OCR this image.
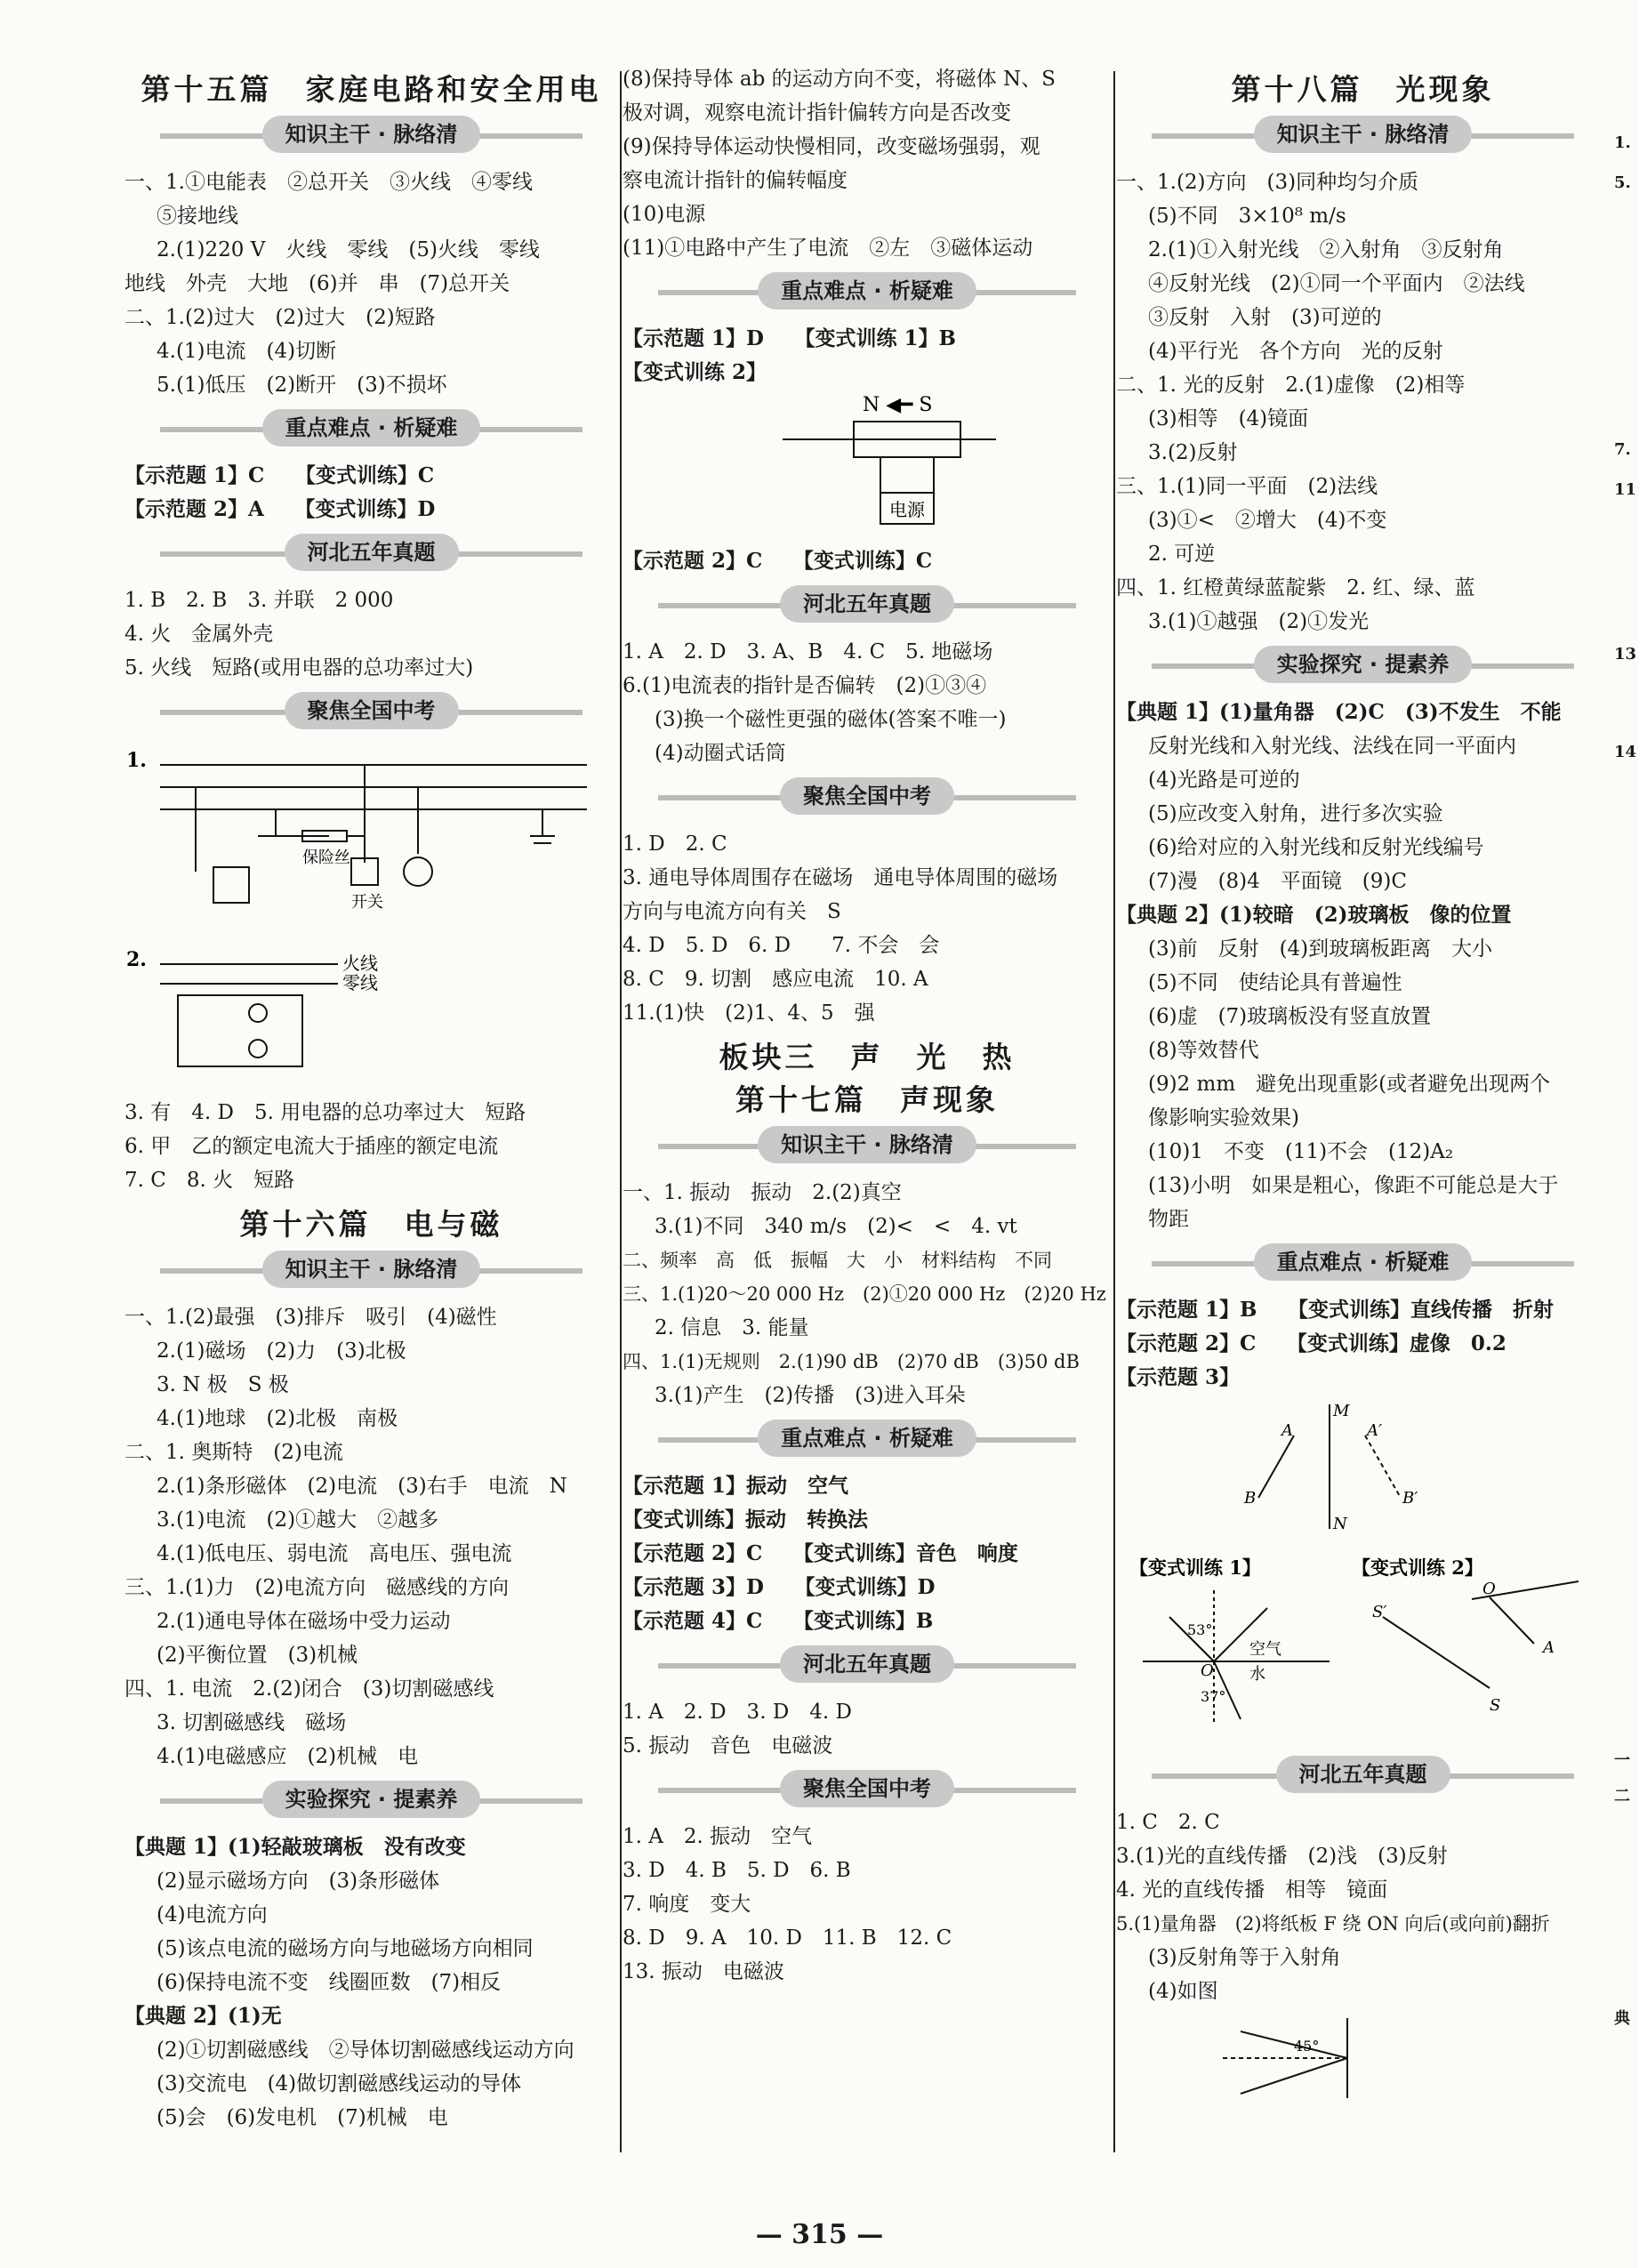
第十五篇　家庭电路和安全用电
知识主干 · 脉络清
一、1.①电能表　②总开关　③火线　④零线
⑤接地线
2.(1)220 V　火线　零线　(5)火线　零线
地线　外壳　大地　(6)并　串　(7)总开关
二、1.(2)过大　(2)过大　(2)短路
4.(1)电流　(4)切断
5.(1)低压　(2)断开　(3)不损坏
重点难点 · 析疑难
【示范题 1】C　　【变式训练】C
【示范题 2】A　　【变式训练】D
河北五年真题
1. B　2. B　3. 并联　2 000
4. 火　金属外壳
5. 火线　短路(或用电器的总功率过大)
聚焦全国中考
1.
保险丝
开关

2.	火线
零线
3. 有　4. D　5. 用电器的总功率过大　短路
6. 甲　乙的额定电流大于插座的额定电流
7. C　8. 火　短路
第十六篇　电与磁
知识主干 · 脉络清
一、1.(2)最强　(3)排斥　吸引　(4)磁性
2.(1)磁场　(2)力　(3)北极
3. N 极　S 极
4.(1)地球　(2)北极　南极
二、1. 奥斯特　(2)电流
2.(1)条形磁体　(2)电流　(3)右手　电流　N
3.(1)电流　(2)①越大　②越多
4.(1)低电压、弱电流　高电压、强电流
三、1.(1)力　(2)电流方向　磁感线的方向
2.(1)通电导体在磁场中受力运动
(2)平衡位置　(3)机械
四、1. 电流　2.(2)闭合　(3)切割磁感线
3. 切割磁感线　磁场
4.(1)电磁感应　(2)机械　电
实验探究 · 提素养
【典题 1】(1)轻敲玻璃板　没有改变
(2)显示磁场方向　(3)条形磁体
(4)电流方向
(5)该点电流的磁场方向与地磁场方向相同
(6)保持电流不变　线圈匝数　(7)相反
【典题 2】(1)无
(2)①切割磁感线　②导体切割磁感线运动方向
(3)交流电　(4)做切割磁感线运动的导体
(5)会　(6)发电机　(7)机械　电
(8)保持导体 ab 的运动方向不变，将磁体 N、S
极对调，观察电流计指针偏转方向是否改变
(9)保持导体运动快慢相同，改变磁场强弱，观
察电流计指针的偏转幅度
(10)电源
(11)①电路中产生了电流　②左　③磁体运动
重点难点 · 析疑难
【示范题 1】D　　【变式训练 1】B
【变式训练 2】
N ◀━ S
电源
【示范题 2】C　　【变式训练】C
河北五年真题
1. A　2. D　3. A、B　4. C　5. 地磁场
6.(1)电流表的指针是否偏转　(2)①③④
(3)换一个磁性更强的磁体(答案不唯一)
(4)动圈式话筒
聚焦全国中考
1. D　2. C
3. 通电导体周围存在磁场　通电导体周围的磁场
方向与电流方向有关　S
4. D　5. D　6. D　　7. 不会　会
8. C　9. 切割　感应电流　10. A
11.(1)快　(2)1、4、5　强
板块三　声　光　热
第十七篇　声现象
知识主干 · 脉络清
一、1. 振动　振动　2.(2)真空
3.(1)不同　340 m/s　(2)<　<　4. vt
二、频率　高　低　振幅　大　小　材料结构　不同
三、1.(1)20～20 000 Hz　(2)①20 000 Hz　(2)20 Hz
2. 信息　3. 能量
四、1.(1)无规则　2.(1)90 dB　(2)70 dB　(3)50 dB
3.(1)产生　(2)传播　(3)进入耳朵
重点难点 · 析疑难
【示范题 1】振动　空气
【变式训练】振动　转换法
【示范题 2】C　　【变式训练】音色　响度
【示范题 3】D　　【变式训练】D
【示范题 4】C　　【变式训练】B
河北五年真题
1. A　2. D　3. D　4. D
5. 振动　音色　电磁波
聚焦全国中考
1. A　2. 振动　空气
3. D　4. B　5. D　6. B
7. 响度　变大
8. D　9. A　10. D　11. B　12. C
13. 振动　电磁波
第十八篇　光现象
知识主干 · 脉络清
一、1.(2)方向　(3)同种均匀介质
(5)不同　3×10⁸ m/s
2.(1)①入射光线　②入射角　③反射角
④反射光线　(2)①同一个平面内　②法线
③反射　入射　(3)可逆的
(4)平行光　各个方向　光的反射
二、1. 光的反射　2.(1)虚像　(2)相等
(3)相等　(4)镜面
3.(2)反射
三、1.(1)同一平面　(2)法线
(3)①<　②增大　(4)不变
2. 可逆
四、1. 红橙黄绿蓝靛紫　2. 红、绿、蓝
3.(1)①越强　(2)①发光
实验探究 · 提素养
【典题 1】(1)量角器　(2)C　(3)不发生　不能
反射光线和入射光线、法线在同一平面内
(4)光路是可逆的
(5)应改变入射角，进行多次实验
(6)给对应的入射光线和反射光线编号
(7)漫　(8)4　平面镜　(9)C
【典题 2】(1)较暗　(2)玻璃板　像的位置
(3)前　反射　(4)到玻璃板距离　大小
(5)不同　使结论具有普遍性
(6)虚　(7)玻璃板没有竖直放置
(8)等效替代
(9)2 mm　避免出现重影(或者避免出现两个
像影响实验效果)
(10)1　不变　(11)不会　(12)A₂
(13)小明　如果是粗心，像距不可能总是大于
物距
重点难点 · 析疑难
【示范题 1】B　　【变式训练】直线传播　折射
【示范题 2】C　　【变式训练】虚像　0.2
【示范题 3】
M
N
A	A′
B	B′

【变式训练 1】	【变式训练 2】
53°
37°
空气
水
O
S′
O
S
A
河北五年真题
1. C　2. C
3.(1)光的直线传播　(2)浅　(3)反射
4. 光的直线传播　相等　镜面
5.(1)量角器　(2)将纸板 F 绕 ON 向后(或向前)翻折
(3)反射角等于入射角
(4)如图
45°
1.
5.
7.
11
13
14
一
二
典
— 315 —
